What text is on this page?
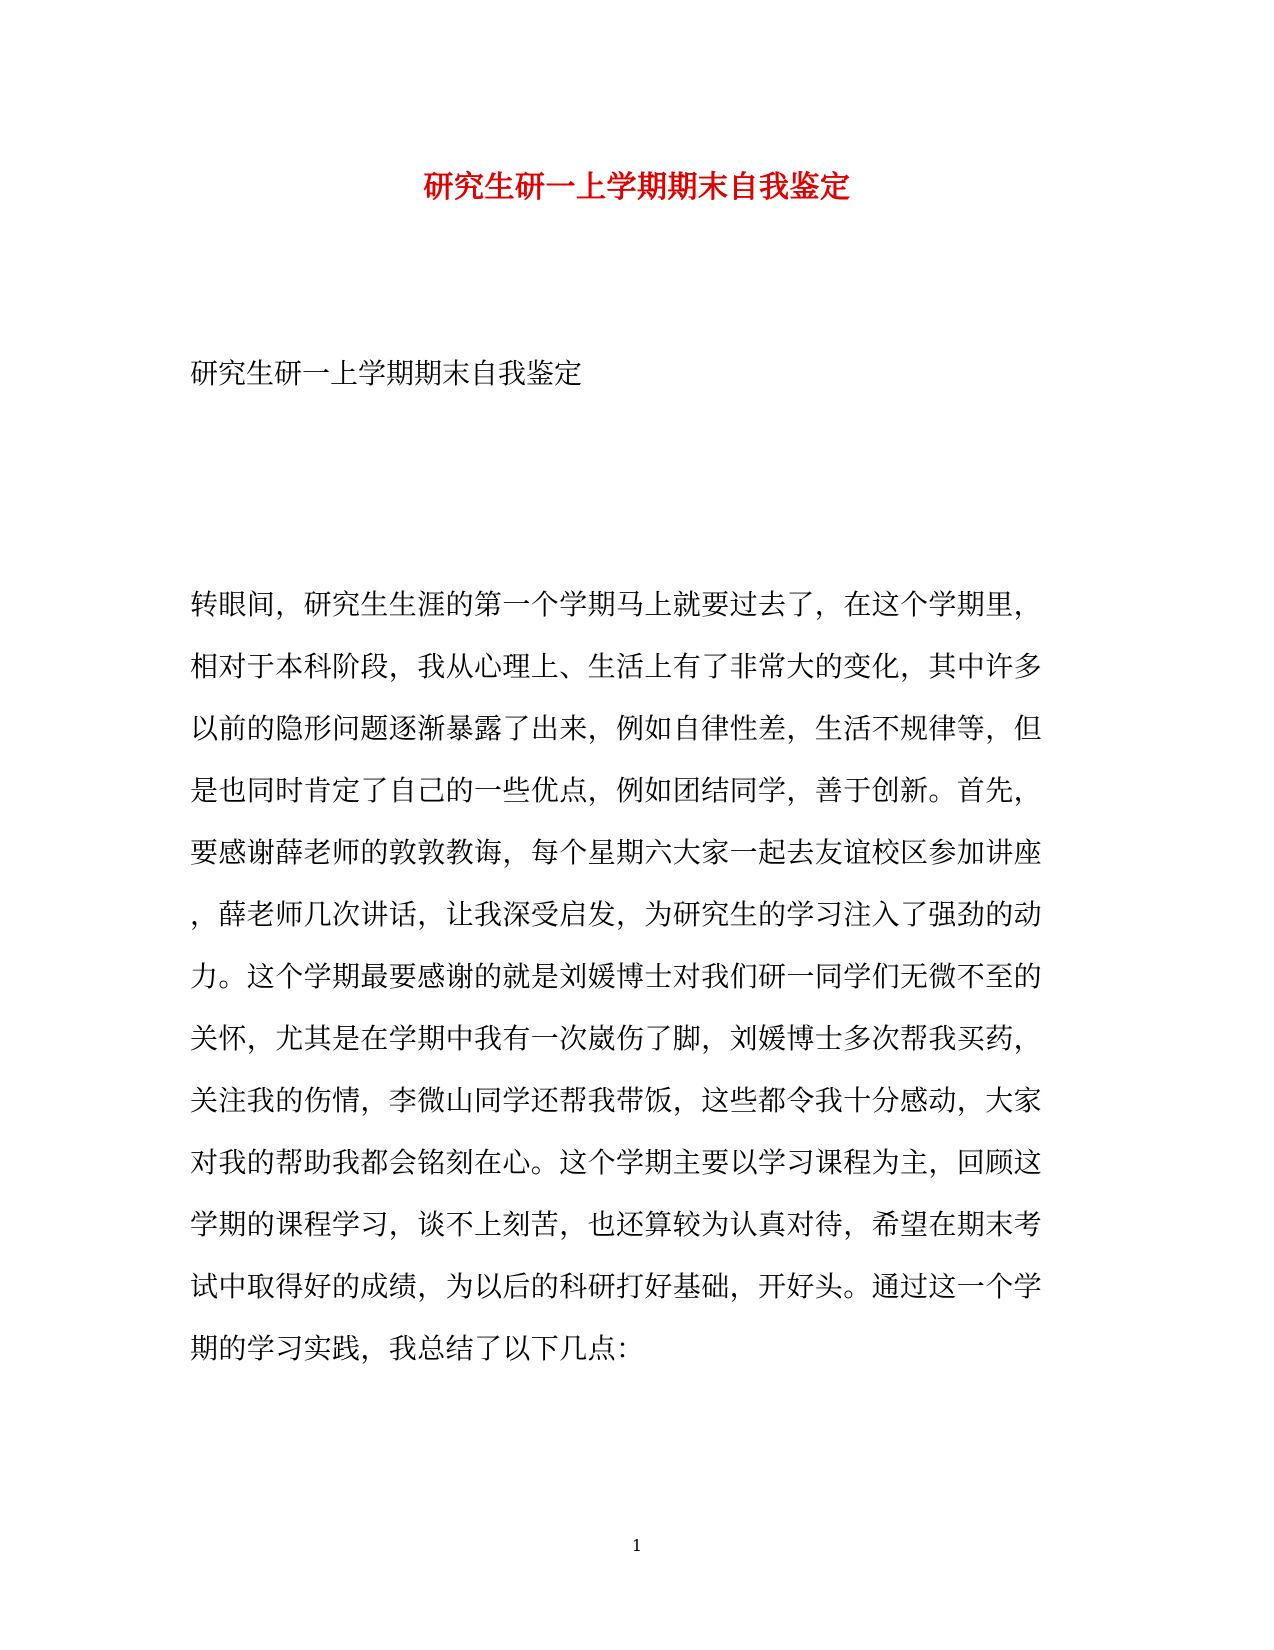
研究生研一上学期期末自我鉴定

研究生研一上学期期末自我鉴定

转眼间，研究生生涯的第一个学期马上就要过去了，在这个学期里，
相对于本科阶段，我从心理上、生活上有了非常大的变化，其中许多
以前的隐形问题逐渐暴露了出来，例如自律性差，生活不规律等，但
是也同时肯定了自己的一些优点，例如团结同学，善于创新。首先，
要感谢薛老师的敦敦教诲，每个星期六大家一起去友谊校区参加讲座
，薛老师几次讲话，让我深受启发，为研究生的学习注入了强劲的动
力。这个学期最要感谢的就是刘媛博士对我们研一同学们无微不至的
关怀，尤其是在学期中我有一次崴伤了脚，刘媛博士多次帮我买药，
关注我的伤情，李微山同学还帮我带饭，这些都令我十分感动，大家
对我的帮助我都会铭刻在心。这个学期主要以学习课程为主，回顾这
学期的课程学习，谈不上刻苦，也还算较为认真对待，希望在期末考
试中取得好的成绩，为以后的科研打好基础，开好头。通过这一个学
期的学习实践，我总结了以下几点：
1
